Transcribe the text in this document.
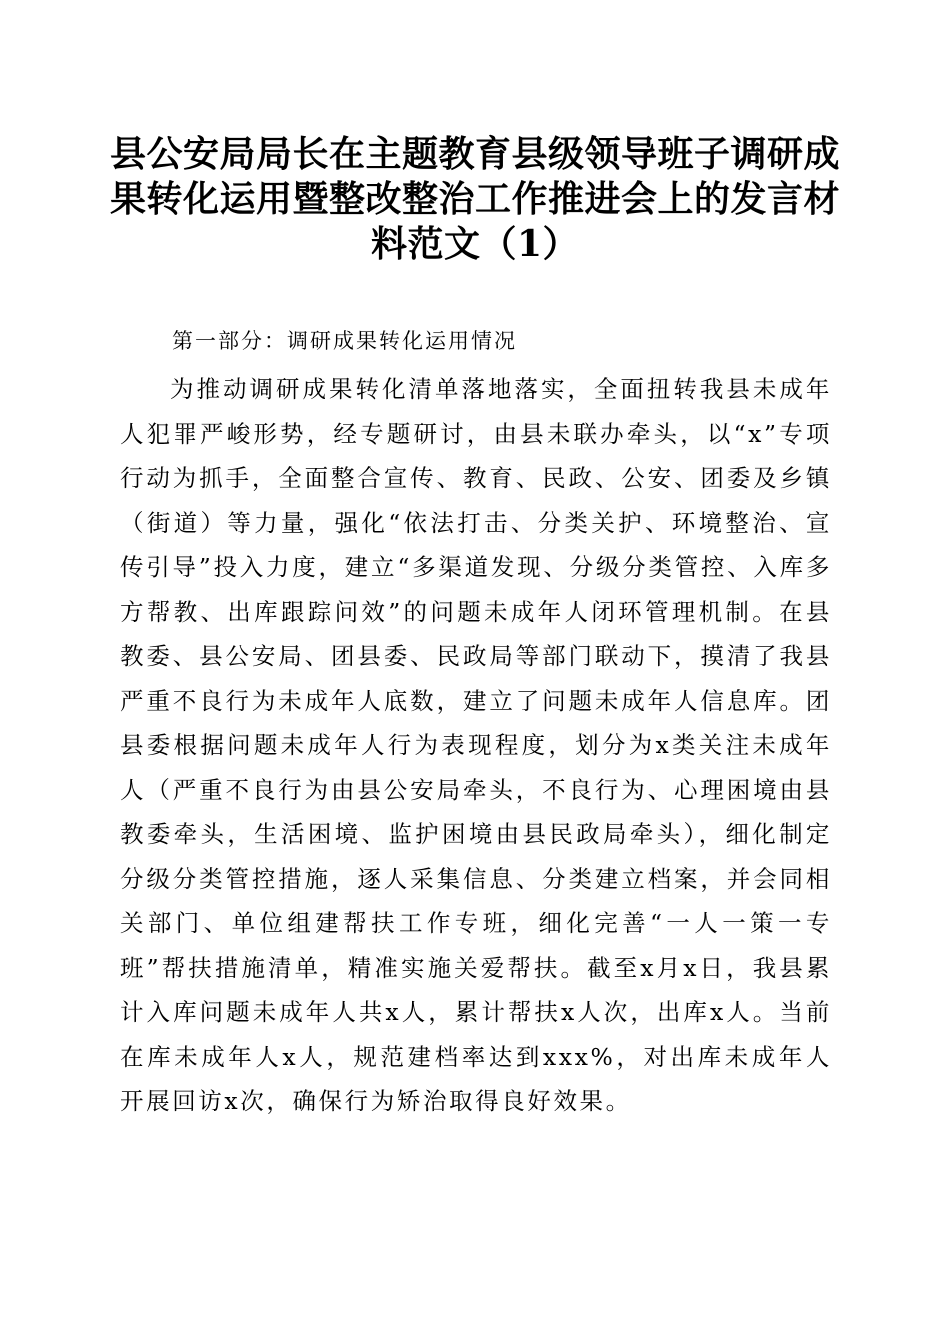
县公安局局长在主题教育县级领导班子调研成果转化运用暨整改整治工作推进会上的发言材料范文（1）

第一部分：调研成果转化运用情况

为推动调研成果转化清单落地落实，全面扭转我县未成年人犯罪严峻形势，经专题研讨，由县未联办牵头，以“x”专项行动为抓手，全面整合宣传、教育、民政、公安、团委及乡镇（街道）等力量，强化“依法打击、分类关护、环境整治、宣传引导”投入力度，建立“多渠道发现、分级分类管控、入库多方帮教、出库跟踪问效”的问题未成年人闭环管理机制。在县教委、县公安局、团县委、民政局等部门联动下，摸清了我县严重不良行为未成年人底数，建立了问题未成年人信息库。团县委根据问题未成年人行为表现程度，划分为x类关注未成年人（严重不良行为由县公安局牵头，不良行为、心理困境由县教委牵头，生活困境、监护困境由县民政局牵头），细化制定分级分类管控措施，逐人采集信息、分类建立档案，并会同相关部门、单位组建帮扶工作专班，细化完善“一人一策一专班”帮扶措施清单，精准实施关爱帮扶。截至x月x日，我县累计入库问题未成年人共x人，累计帮扶x人次，出库x人。当前在库未成年人x人，规范建档率达到xxx%，对出库未成年人开展回访x次，确保行为矫治取得良好效果。
